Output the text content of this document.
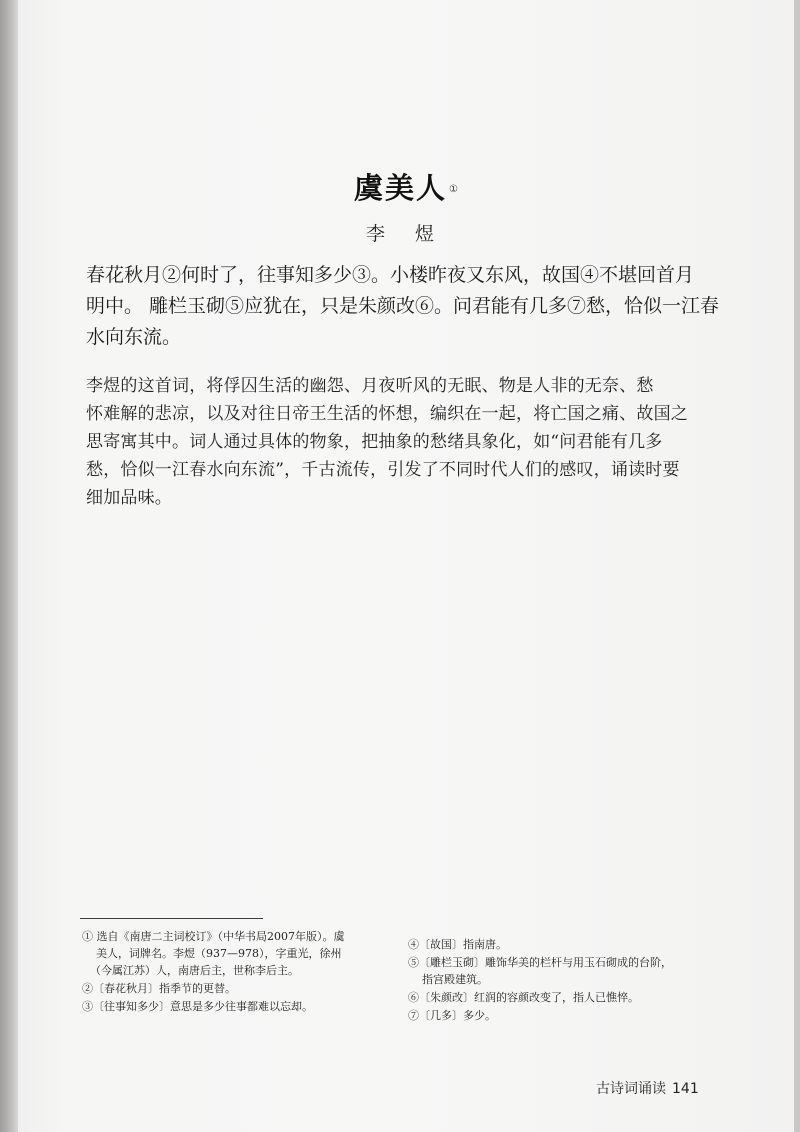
虞美人 ①
李 煜
春花秋月②何时了，往事知多少③。小楼昨夜又东风，故国④不堪回首月
明中。 雕栏玉砌⑤应犹在，只是朱颜改⑥。问君能有几多⑦愁，恰似一江春
水向东流。
李煜的这首词，将俘囚生活的幽怨、月夜听风的无眠、物是人非的无奈、愁
怀难解的悲凉，以及对往日帝王生活的怀想，编织在一起，将亡国之痛、故国之
思寄寓其中。词人通过具体的物象，把抽象的愁绪具象化，如“问君能有几多
愁，恰似一江春水向东流”，千古流传，引发了不同时代人们的感叹，诵读时要
细加品味。
① 选自《南唐二主词校订》（中华书局2007年版）。虞
美人，词牌名。李煜（937—978），字重光，徐州
（今属江苏）人，南唐后主，世称李后主。
②〔春花秋月〕指季节的更替。
③〔往事知多少〕意思是多少往事都难以忘却。
④〔故国〕指南唐。
⑤〔雕栏玉砌〕雕饰华美的栏杆与用玉石砌成的台阶，
指宫殿建筑。
⑥〔朱颜改〕红润的容颜改变了，指人已憔悴。
⑦〔几多〕多少。
古诗词诵读 141
